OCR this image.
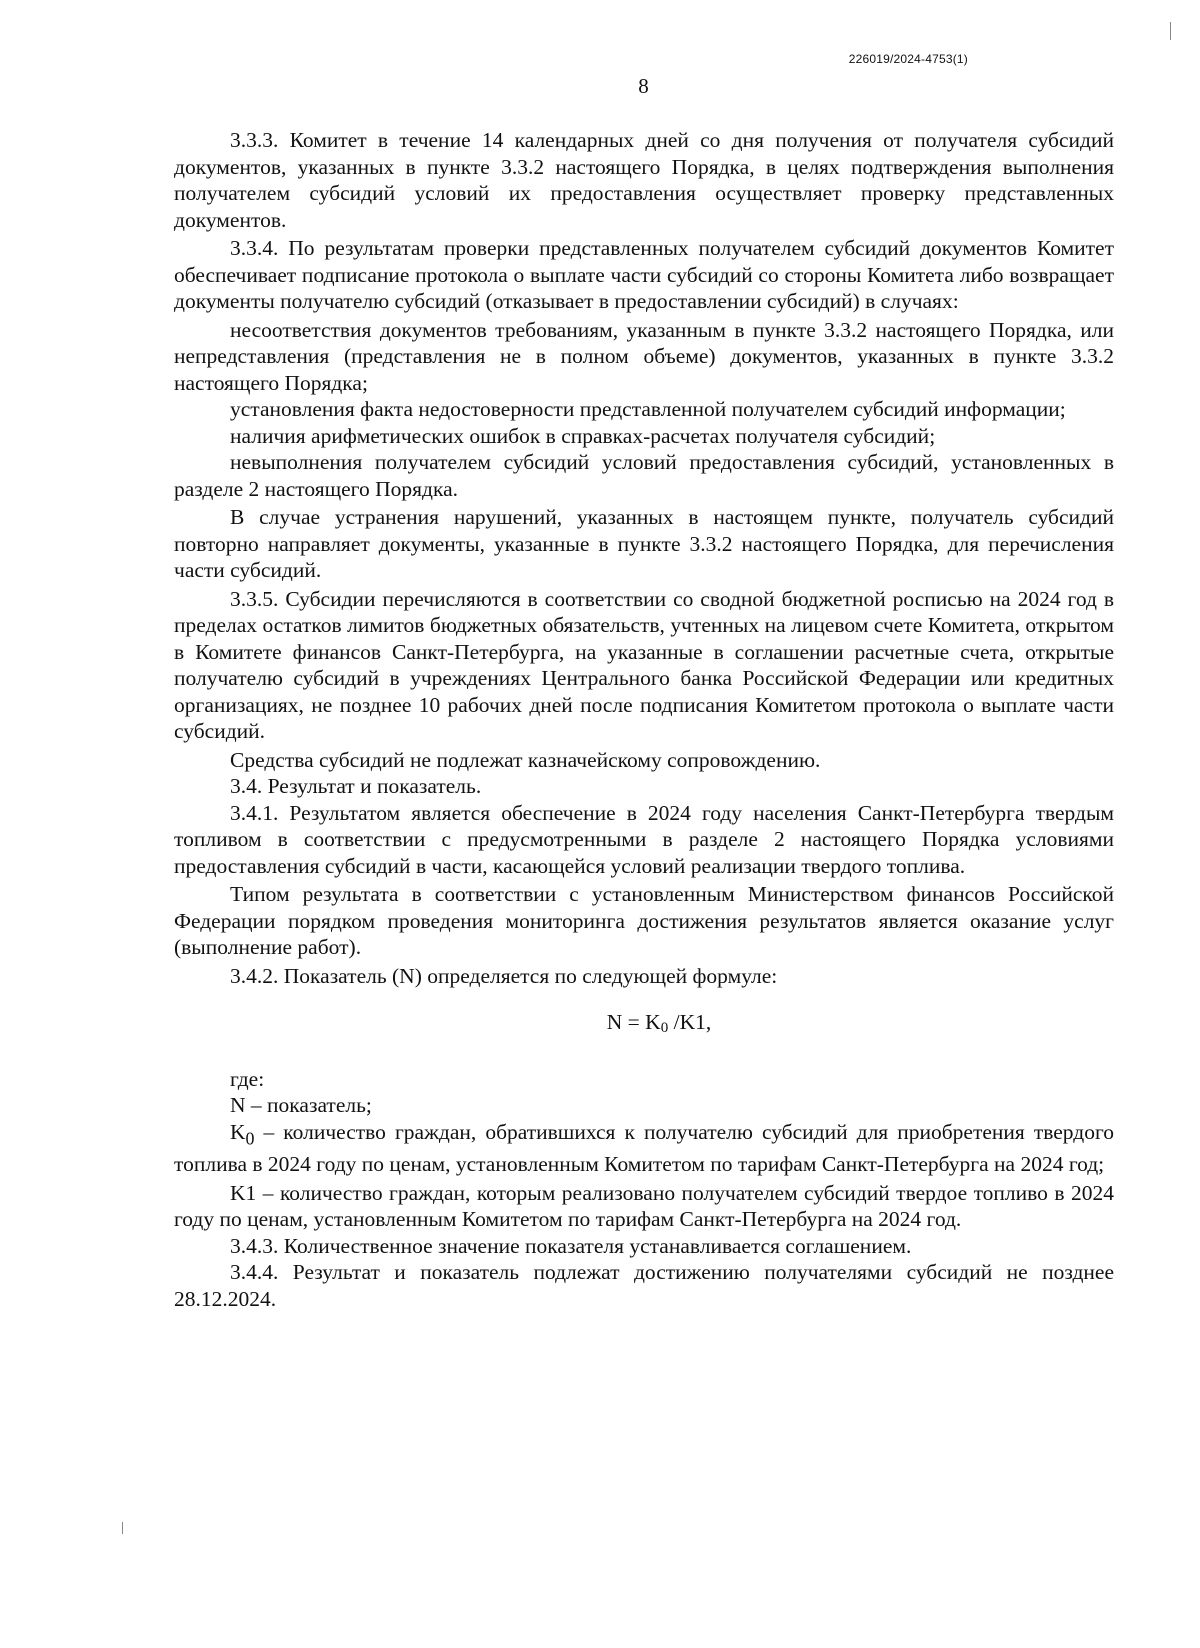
226019/2024-4753(1)
8

3.3.3. Комитет в течение 14 календарных дней со дня получения от получателя субсидий документов, указанных в пункте 3.3.2 настоящего Порядка, в целях подтверждения выполнения получателем субсидий условий их предоставления осуществляет проверку представленных документов.

3.3.4. По результатам проверки представленных получателем субсидий документов Комитет обеспечивает подписание протокола о выплате части субсидий со стороны Комитета либо возвращает документы получателю субсидий (отказывает в предоставлении субсидий) в случаях:

несоответствия документов требованиям, указанным в пункте 3.3.2 настоящего Порядка, или непредставления (представления не в полном объеме) документов, указанных в пункте 3.3.2 настоящего Порядка;

установления факта недостоверности представленной получателем субсидий информации;

наличия арифметических ошибок в справках-расчетах получателя субсидий;

невыполнения получателем субсидий условий предоставления субсидий, установленных в разделе 2 настоящего Порядка.

В случае устранения нарушений, указанных в настоящем пункте, получатель субсидий повторно направляет документы, указанные в пункте 3.3.2 настоящего Порядка, для перечисления части субсидий.

3.3.5. Субсидии перечисляются в соответствии со сводной бюджетной росписью на 2024 год в пределах остатков лимитов бюджетных обязательств, учтенных на лицевом счете Комитета, открытом в Комитете финансов Санкт-Петербурга, на указанные в соглашении расчетные счета, открытые получателю субсидий в учреждениях Центрального банка Российской Федерации или кредитных организациях, не позднее 10 рабочих дней после подписания Комитетом протокола о выплате части субсидий.

Средства субсидий не подлежат казначейскому сопровождению.

3.4. Результат и показатель.

3.4.1. Результатом является обеспечение в 2024 году населения Санкт-Петербурга твердым топливом в соответствии с предусмотренными в разделе 2 настоящего Порядка условиями предоставления субсидий в части, касающейся условий реализации твердого топлива.

Типом результата в соответствии с установленным Министерством финансов Российской Федерации порядком проведения мониторинга достижения результатов является оказание услуг (выполнение работ).

3.4.2. Показатель (N) определяется по следующей формуле:

$N = K_0$ /K1,

где:

N – показатель;

$K_0$ – количество граждан, обратившихся к получателю субсидий для приобретения твердого топлива в 2024 году по ценам, установленным Комитетом по тарифам Санкт-Петербурга на 2024 год;

K1 – количество граждан, которым реализовано получателем субсидий твердое топливо в 2024 году по ценам, установленным Комитетом по тарифам Санкт-Петербурга на 2024 год.

3.4.3. Количественное значение показателя устанавливается соглашением.

3.4.4. Результат и показатель подлежат достижению получателями субсидий не позднее 28.12.2024.
